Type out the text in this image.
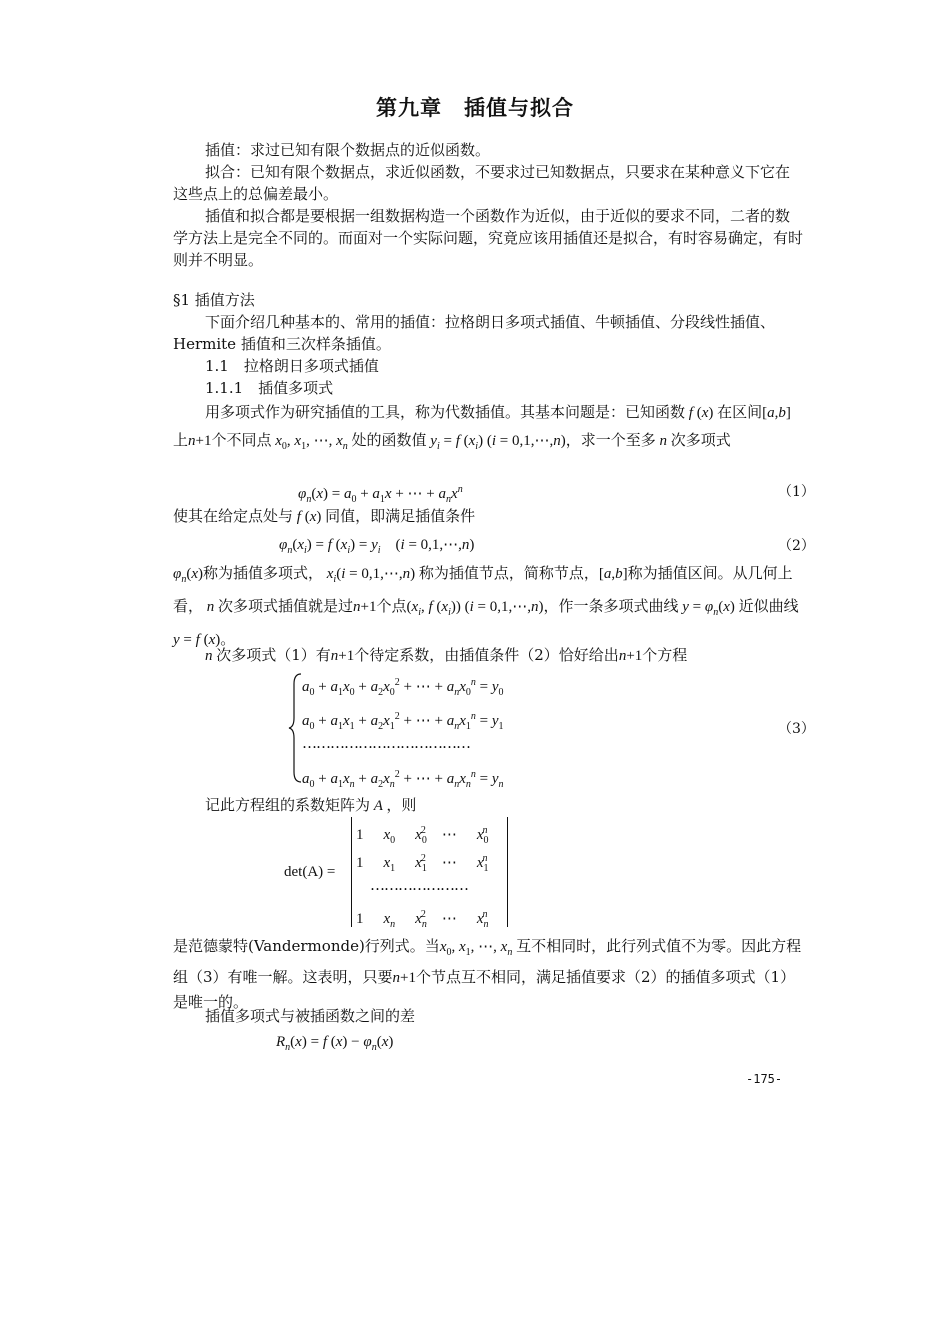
第九章　插值与拟合
插值：求过已知有限个数据点的近似函数。
拟合：已知有限个数据点，求近似函数，不要求过已知数据点，只要求在某种意义下它在这些点上的总偏差最小。
插值和拟合都是要根据一组数据构造一个函数作为近似，由于近似的要求不同，二者的数学方法上是完全不同的。而面对一个实际问题，究竟应该用插值还是拟合，有时容易确定，有时则并不明显。
§1 插值方法
下面介绍几种基本的、常用的插值：拉格朗日多项式插值、牛顿插值、分段线性插值、Hermite 插值和三次样条插值。
1.1　拉格朗日多项式插值
1.1.1　插值多项式
用多项式作为研究插值的工具，称为代数插值。其基本问题是：已知函数 f (x) 在区间[a,b]上n+1个不同点 $x_0$, $x_1$, ⋯, $x_n$ 处的函数值 $y_i = f$ $(x_i) (i$ = 0,1,⋯,n)，求一个至多 n 次多项式
$\varphi_n(x) = a_0 + a_1x$ + ⋯ + $a_nx^n$	（1）
使其在给定点处与 f (x) 同值，即满足插值条件
$\varphi_n(x_i) = f$ $(x_i) = y_i$    (i = 0,1,⋯,n)	（2）
$\varphi_n(x)$称为插值多项式， $x_i(i$ = 0,1,⋯,n) 称为插值节点，简称节点，[a,b]称为插值区间。从几何上看， n 次多项式插值就是过n+1个点($x_i$, f $(x_i)$) (i = 0,1,⋯,n)，作一条多项式曲线 $y = \varphi_n(x)$ 近似曲线 y = f (x)。
n 次多项式（1）有n+1个待定系数，由插值条件（2）恰好给出n+1个方程
$a_0 + a_1x_0 + a_2x_0^2$ + ⋯ + $a_nx_0^n = y_0$
$a_0 + a_1x_1 + a_2x_1^2$ + ⋯ + $a_nx_1^n = y_1$
………………………………
$a_0 + a_1x_n + a_2x_n^2$ + ⋯ + $a_nx_n^n = y_n$
（3）
记此方程组的系数矩阵为 A ，则
det(A) =
1 $x_0$ $x_0^2$ ⋯ $x_0^n$
1 $x_1$ $x_1^2$ ⋯ $x_1^n$
…………………
1 $x_n$ $x_n^2$ ⋯ $x_n^n$
是范德蒙特(Vandermonde)行列式。当$x_0$, $x_1$, ⋯, $x_n$ 互不相同时，此行列式值不为零。因此方程组（3）有唯一解。这表明，只要n+1个节点互不相同，满足插值要求（2）的插值多项式（1）是唯一的。
插值多项式与被插函数之间的差
$R_n(x) = f$ $(x) - \varphi_n(x)$
-175-
